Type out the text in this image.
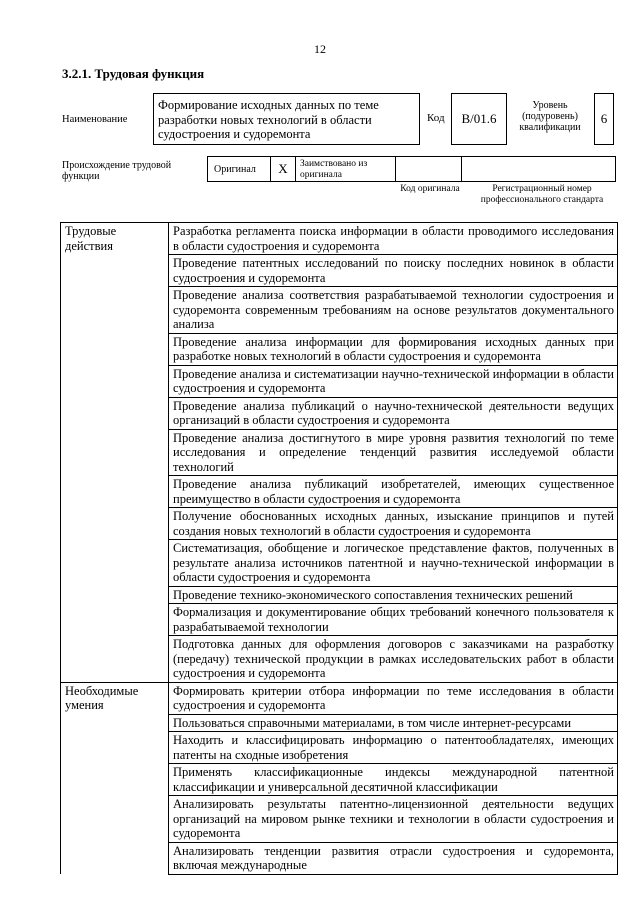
12
3.2.1. Трудовая функция
Наименование
Формирование исходных данных по теме разработки новых технологий в области судостроения и судоремонта
Код	B/01.6
Уровень (подуровень) квалификации
6
Происхождение трудовой функции
Оригинал	X	Заимствовано из оригинала
Код оригинала	Регистрационный номер профессионального стандарта
Трудовые действия	Разработка регламента поиска информации в области проводимого исследования в области судостроения и судоремонта
	Проведение патентных исследований по поиску последних новинок в области судостроения и судоремонта
	Проведение анализа соответствия разрабатываемой технологии судостроения и судоремонта современным требованиям на основе результатов документального анализа
	Проведение анализа информации для формирования исходных данных при разработке новых технологий в области судостроения и судоремонта
	Проведение анализа и систематизации научно-технической информации в области судостроения и судоремонта
	Проведение анализа публикаций о научно-технической деятельности ведущих организаций в области судостроения и судоремонта
	Проведение анализа достигнутого в мире уровня развития технологий по теме исследования и определение тенденций развития исследуемой области технологий
	Проведение анализа публикаций изобретателей, имеющих существенное преимущество в области судостроения и судоремонта
	Получение обоснованных исходных данных, изыскание принципов и путей создания новых технологий в области судостроения и судоремонта
	Систематизация, обобщение и логическое представление фактов, полученных в результате анализа источников патентной и научно-технической информации в области судостроения и судоремонта
	Проведение технико-экономического сопоставления технических решений
	Формализация и документирование общих требований конечного пользователя к разрабатываемой технологии
	Подготовка данных для оформления договоров с заказчиками на разработку (передачу) технической продукции в рамках исследовательских работ в области судостроения и судоремонта
Необходимые умения	Формировать критерии отбора информации по теме исследования в области судостроения и судоремонта
	Пользоваться справочными материалами, в том числе интернет-ресурсами
	Находить и классифицировать информацию о патентообладателях, имеющих патенты на сходные изобретения
	Применять классификационные индексы международной патентной классификации и универсальной десятичной классификации
	Анализировать результаты патентно-лицензионной деятельности ведущих организаций на мировом рынке техники и технологии в области судостроения и судоремонта
	Анализировать тенденции развития отрасли судостроения и судоремонта, включая международные
